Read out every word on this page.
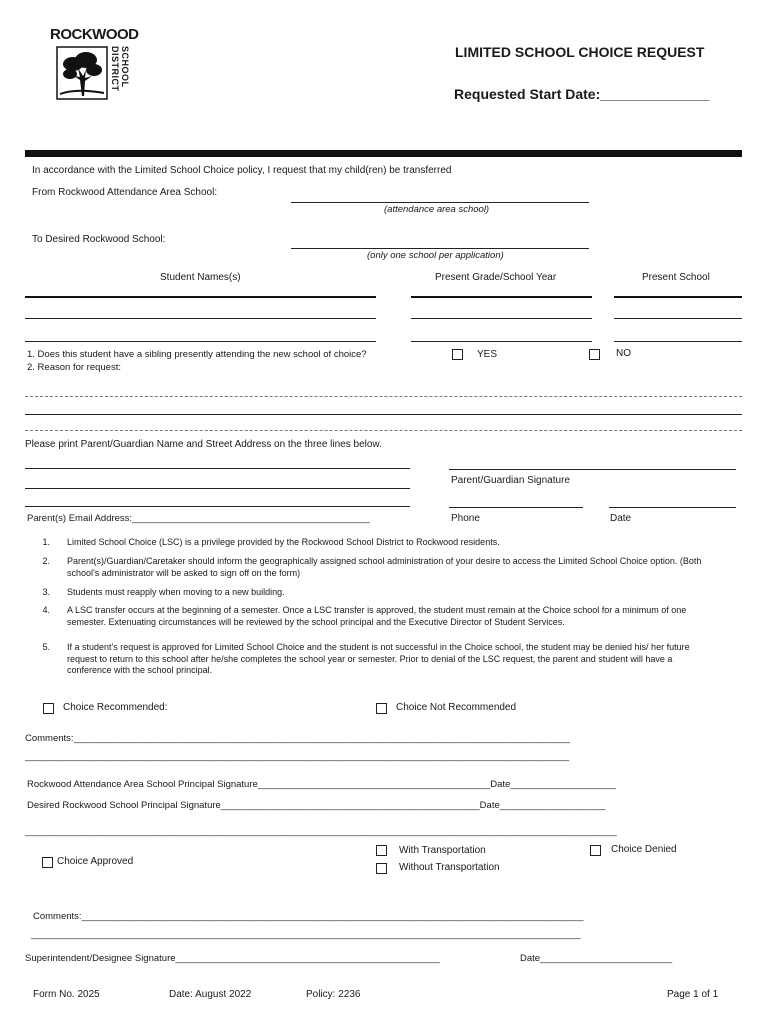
ROCKWOOD
SCHOOL DISTRICT	LIMITED SCHOOL CHOICE REQUEST
Requested Start Date:______________
In accordance with the Limited School Choice policy, I request that my child(ren) be transferred
From Rockwood Attendance Area School:
(attendance area school)
To Desired Rockwood School:
(only one school per application)
Student Names(s)	Present Grade/School Year	Present School
1. Does this student have a sibling presently attending the new school of choice?	YES	NO
2. Reason for request:
Please print Parent/Guardian Name and Street Address on the three lines below.
Parent/Guardian Signature
Parent(s) Email Address:_____________________________________________	Phone	Date
1. Limited School Choice (LSC) is a privilege provided by the Rockwood School District to Rockwood residents.
2. Parent(s)/Guardian/Caretaker should inform the geographically assigned school administration of your desire to access the Limited School Choice option. (Both school's administrator will be asked to sign off on the form)
3. Students must reapply when moving to a new building.
4. A LSC transfer occurs at the beginning of a semester. Once a LSC transfer is approved, the student must remain at the Choice school for a minimum of one semester. Extenuating circumstances will be reviewed by the school principal and the Executive Director of Student Services.
5. If a student's request is approved for Limited School Choice and the student is not successful in the Choice school, the student may be denied his/ her future request to return to this school after he/she completes the school year or semester. Prior to denial of the LSC request, the parent and student will have a conference with the school principal.
Choice Recommended:	Choice Not Recommended
Comments:______________________________________________________________________________________________
_______________________________________________________________________________________________________
Rockwood Attendance Area School Principal Signature____________________________________________Date____________________
Desired Rockwood School Principal Signature_________________________________________________Date____________________
________________________________________________________________________________________________________________
With Transportation
Without Transportation
Choice Approved
Choice Denied
Comments:_______________________________________________________________________________________________
________________________________________________________________________________________________________
Superintendent/Designee Signature__________________________________________________	Date_________________________
Form No. 2025	Date: August 2022	Policy: 2236	Page 1 of 1
